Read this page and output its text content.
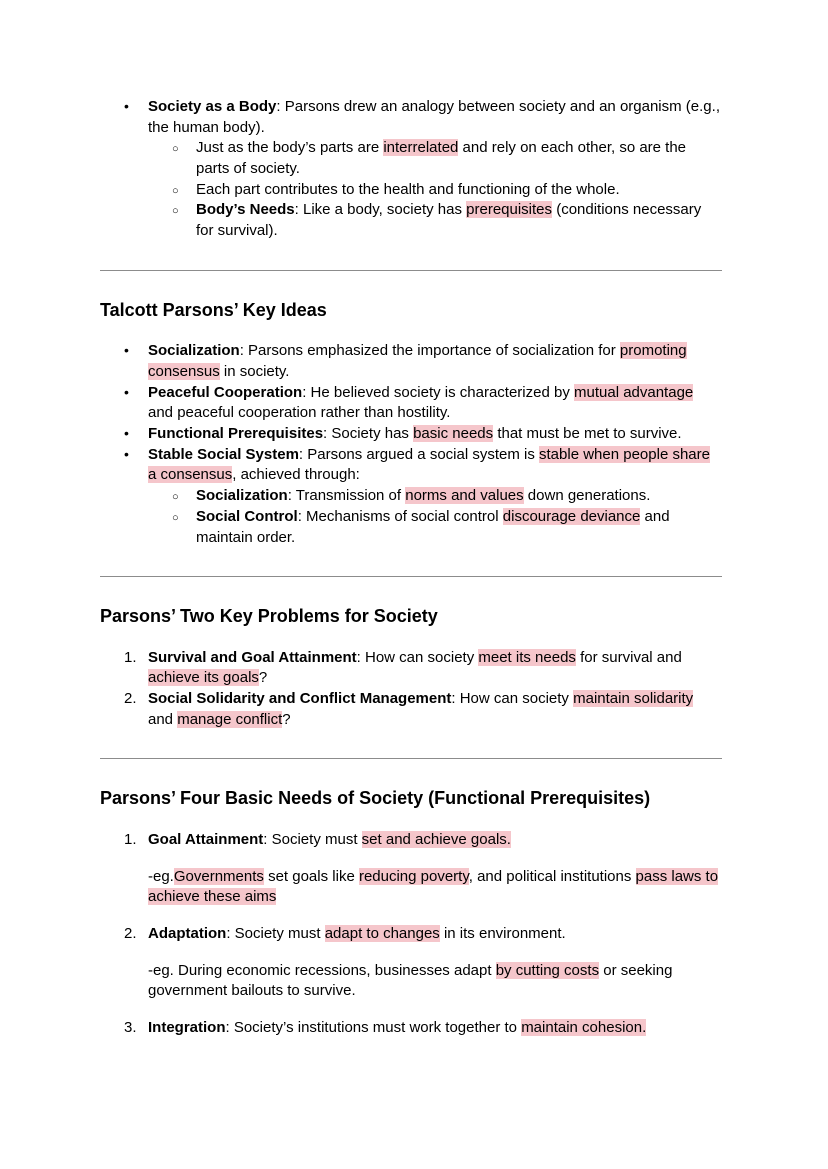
•	Society as a Body: Parsons drew an analogy between society and an organism (e.g., the human body).
○	Just as the body’s parts are interrelated and rely on each other, so are the parts of society.
○	Each part contributes to the health and functioning of the whole.
○	Body’s Needs: Like a body, society has prerequisites (conditions necessary for survival).
Talcott Parsons’ Key Ideas
•	Socialization: Parsons emphasized the importance of socialization for promoting consensus in society.
•	Peaceful Cooperation: He believed society is characterized by mutual advantage and peaceful cooperation rather than hostility.
•	Functional Prerequisites: Society has basic needs that must be met to survive.
•	Stable Social System: Parsons argued a social system is stable when people share a consensus, achieved through:
○	Socialization: Transmission of norms and values down generations.
○	Social Control: Mechanisms of social control discourage deviance and maintain order.
Parsons’ Two Key Problems for Society
1. Survival and Goal Attainment: How can society meet its needs for survival and achieve its goals?
2. Social Solidarity and Conflict Management: How can society maintain solidarity and manage conflict?
Parsons’ Four Basic Needs of Society (Functional Prerequisites)
1. Goal Attainment: Society must set and achieve goals.

-eg.Governments set goals like reducing poverty, and political institutions pass laws to achieve these aims

2. Adaptation: Society must adapt to changes in its environment.

-eg. During economic recessions, businesses adapt by cutting costs or seeking government bailouts to survive.

3. Integration: Society’s institutions must work together to maintain cohesion.
